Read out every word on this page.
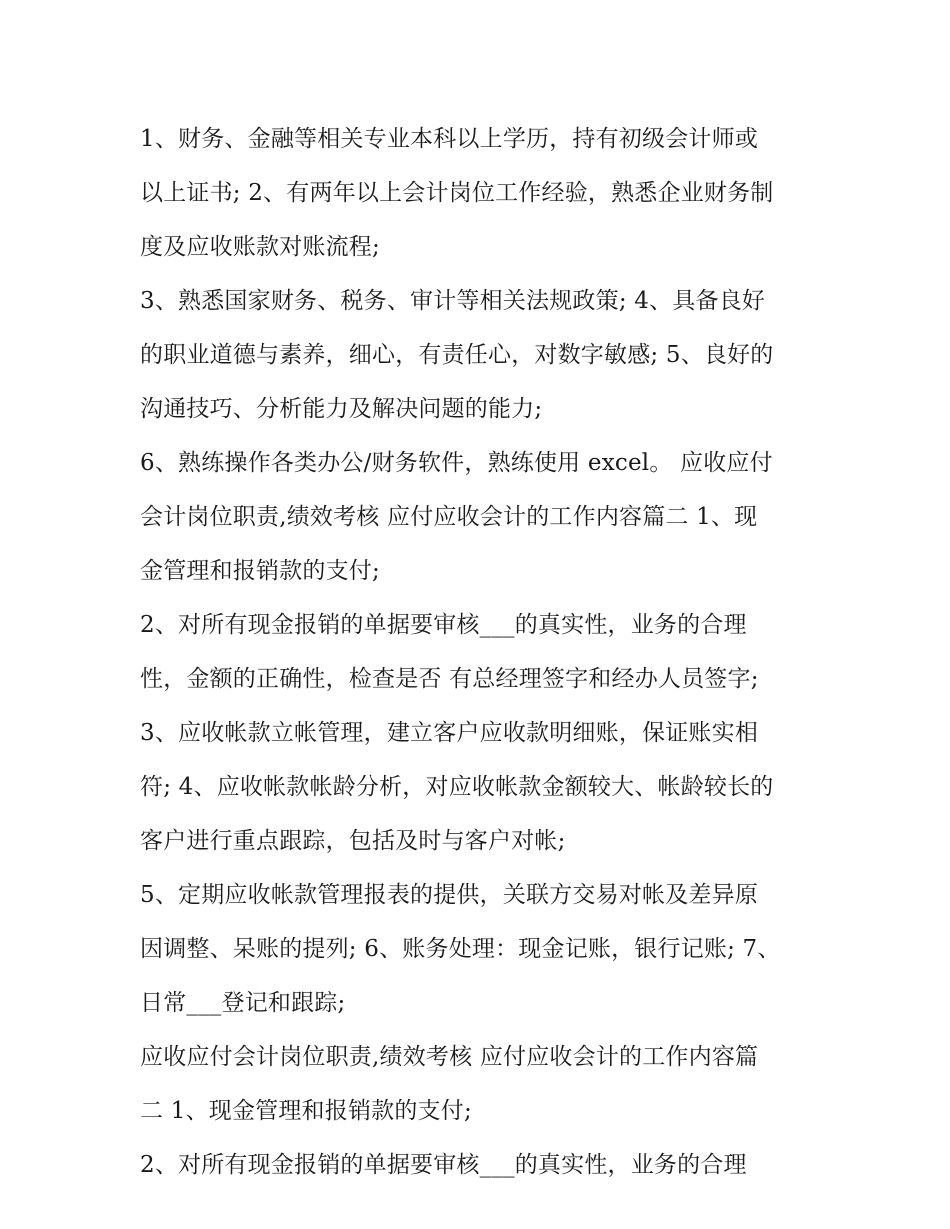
1、财务、金融等相关专业本科以上学历，持有初级会计师或
以上证书; 2、有两年以上会计岗位工作经验，熟悉企业财务制
度及应收账款对账流程;
3、熟悉国家财务、税务、审计等相关法规政策; 4、具备良好
的职业道德与素养，细心，有责任心，对数字敏感; 5、良好的
沟通技巧、分析能力及解决问题的能力;
6、熟练操作各类办公/财务软件，熟练使用 excel。 应收应付
会计岗位职责,绩效考核 应付应收会计的工作内容篇二 1、现
金管理和报销款的支付;
2、对所有现金报销的单据要审核___的真实性，业务的合理
性，金额的正确性，检查是否 有总经理签字和经办人员签字;
3、应收帐款立帐管理，建立客户应收款明细账，保证账实相
符; 4、应收帐款帐龄分析，对应收帐款金额较大、帐龄较长的
客户进行重点跟踪，包括及时与客户对帐;
5、定期应收帐款管理报表的提供，关联方交易对帐及差异原
因调整、呆账的提列; 6、账务处理：现金记账，银行记账; 7、
日常___登记和跟踪;
应收应付会计岗位职责,绩效考核 应付应收会计的工作内容篇
二 1、现金管理和报销款的支付;
2、对所有现金报销的单据要审核___的真实性，业务的合理
